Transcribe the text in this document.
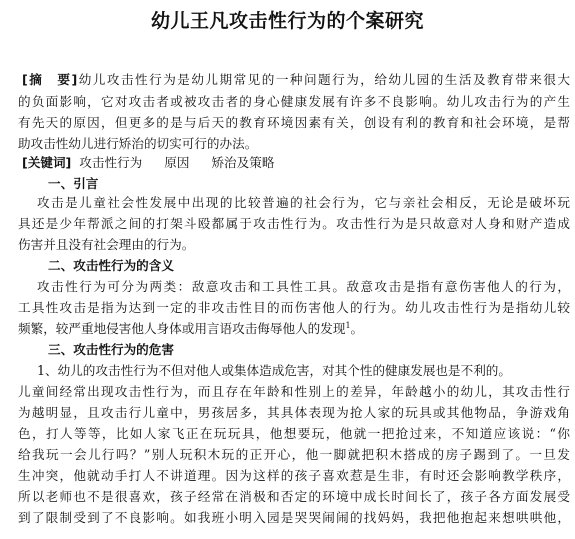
幼儿王凡攻击性行为的个案研究

[摘　要]幼儿攻击性行为是幼儿期常见的一种问题行为，给幼儿园的生活及教育带来很大

的负面影响，它对攻击者或被攻击者的身心健康发展有许多不良影响。幼儿攻击行为的产生

有先天的原因，但更多的是与后天的教育环境因素有关，创设有利的教育和社会环境，是帮

助攻击性幼儿进行矫治的切实可行的办法。

[关键词] 攻击性行为 原因 矫治及策略

一、引言

攻击是儿童社会性发展中出现的比较普遍的社会行为，它与亲社会相反，无论是破坏玩

具还是少年帮派之间的打架斗殴都属于攻击性行为。攻击性行为是只故意对人身和财产造成

伤害并且没有社会理由的行为。

二、攻击性行为的含义

攻击性行为可分为两类：敌意攻击和工具性工具。敌意攻击是指有意伤害他人的行为，

工具性攻击是指为达到一定的非攻击性目的而伤害他人的行为。幼儿攻击性行为是指幼儿较

频繁，较严重地侵害他人身体或用言语攻击侮辱他人的发现$^1$。

三、攻击性行为的危害

1、幼儿的攻击性行为不但对他人或集体造成危害，对其个性的健康发展也是不利的。

儿童间经常出现攻击性行为，而且存在年龄和性别上的差异，年龄越小的幼儿，其攻击性行

为越明显，且攻击行儿童中，男孩居多，其具体表现为抢人家的玩具或其他物品，争游戏角

色，打人等等，比如人家飞正在玩玩具，他想要玩，他就一把抢过来，不知道应该说：“你

给我玩一会儿行吗？”别人玩积木玩的正开心，他一脚就把积木搭成的房子踢到了。一旦发

生冲突，他就动手打人不讲道理。因为这样的孩子喜欢惹是生非，有时还会影响教学秩序，

所以老师也不是很喜欢，孩子经常在消极和否定的环境中成长时间长了，孩子各方面发展受

到了限制受到了不良影响。如我班小明入园是哭哭闹闹的找妈妈，我把他抱起来想哄哄他，
